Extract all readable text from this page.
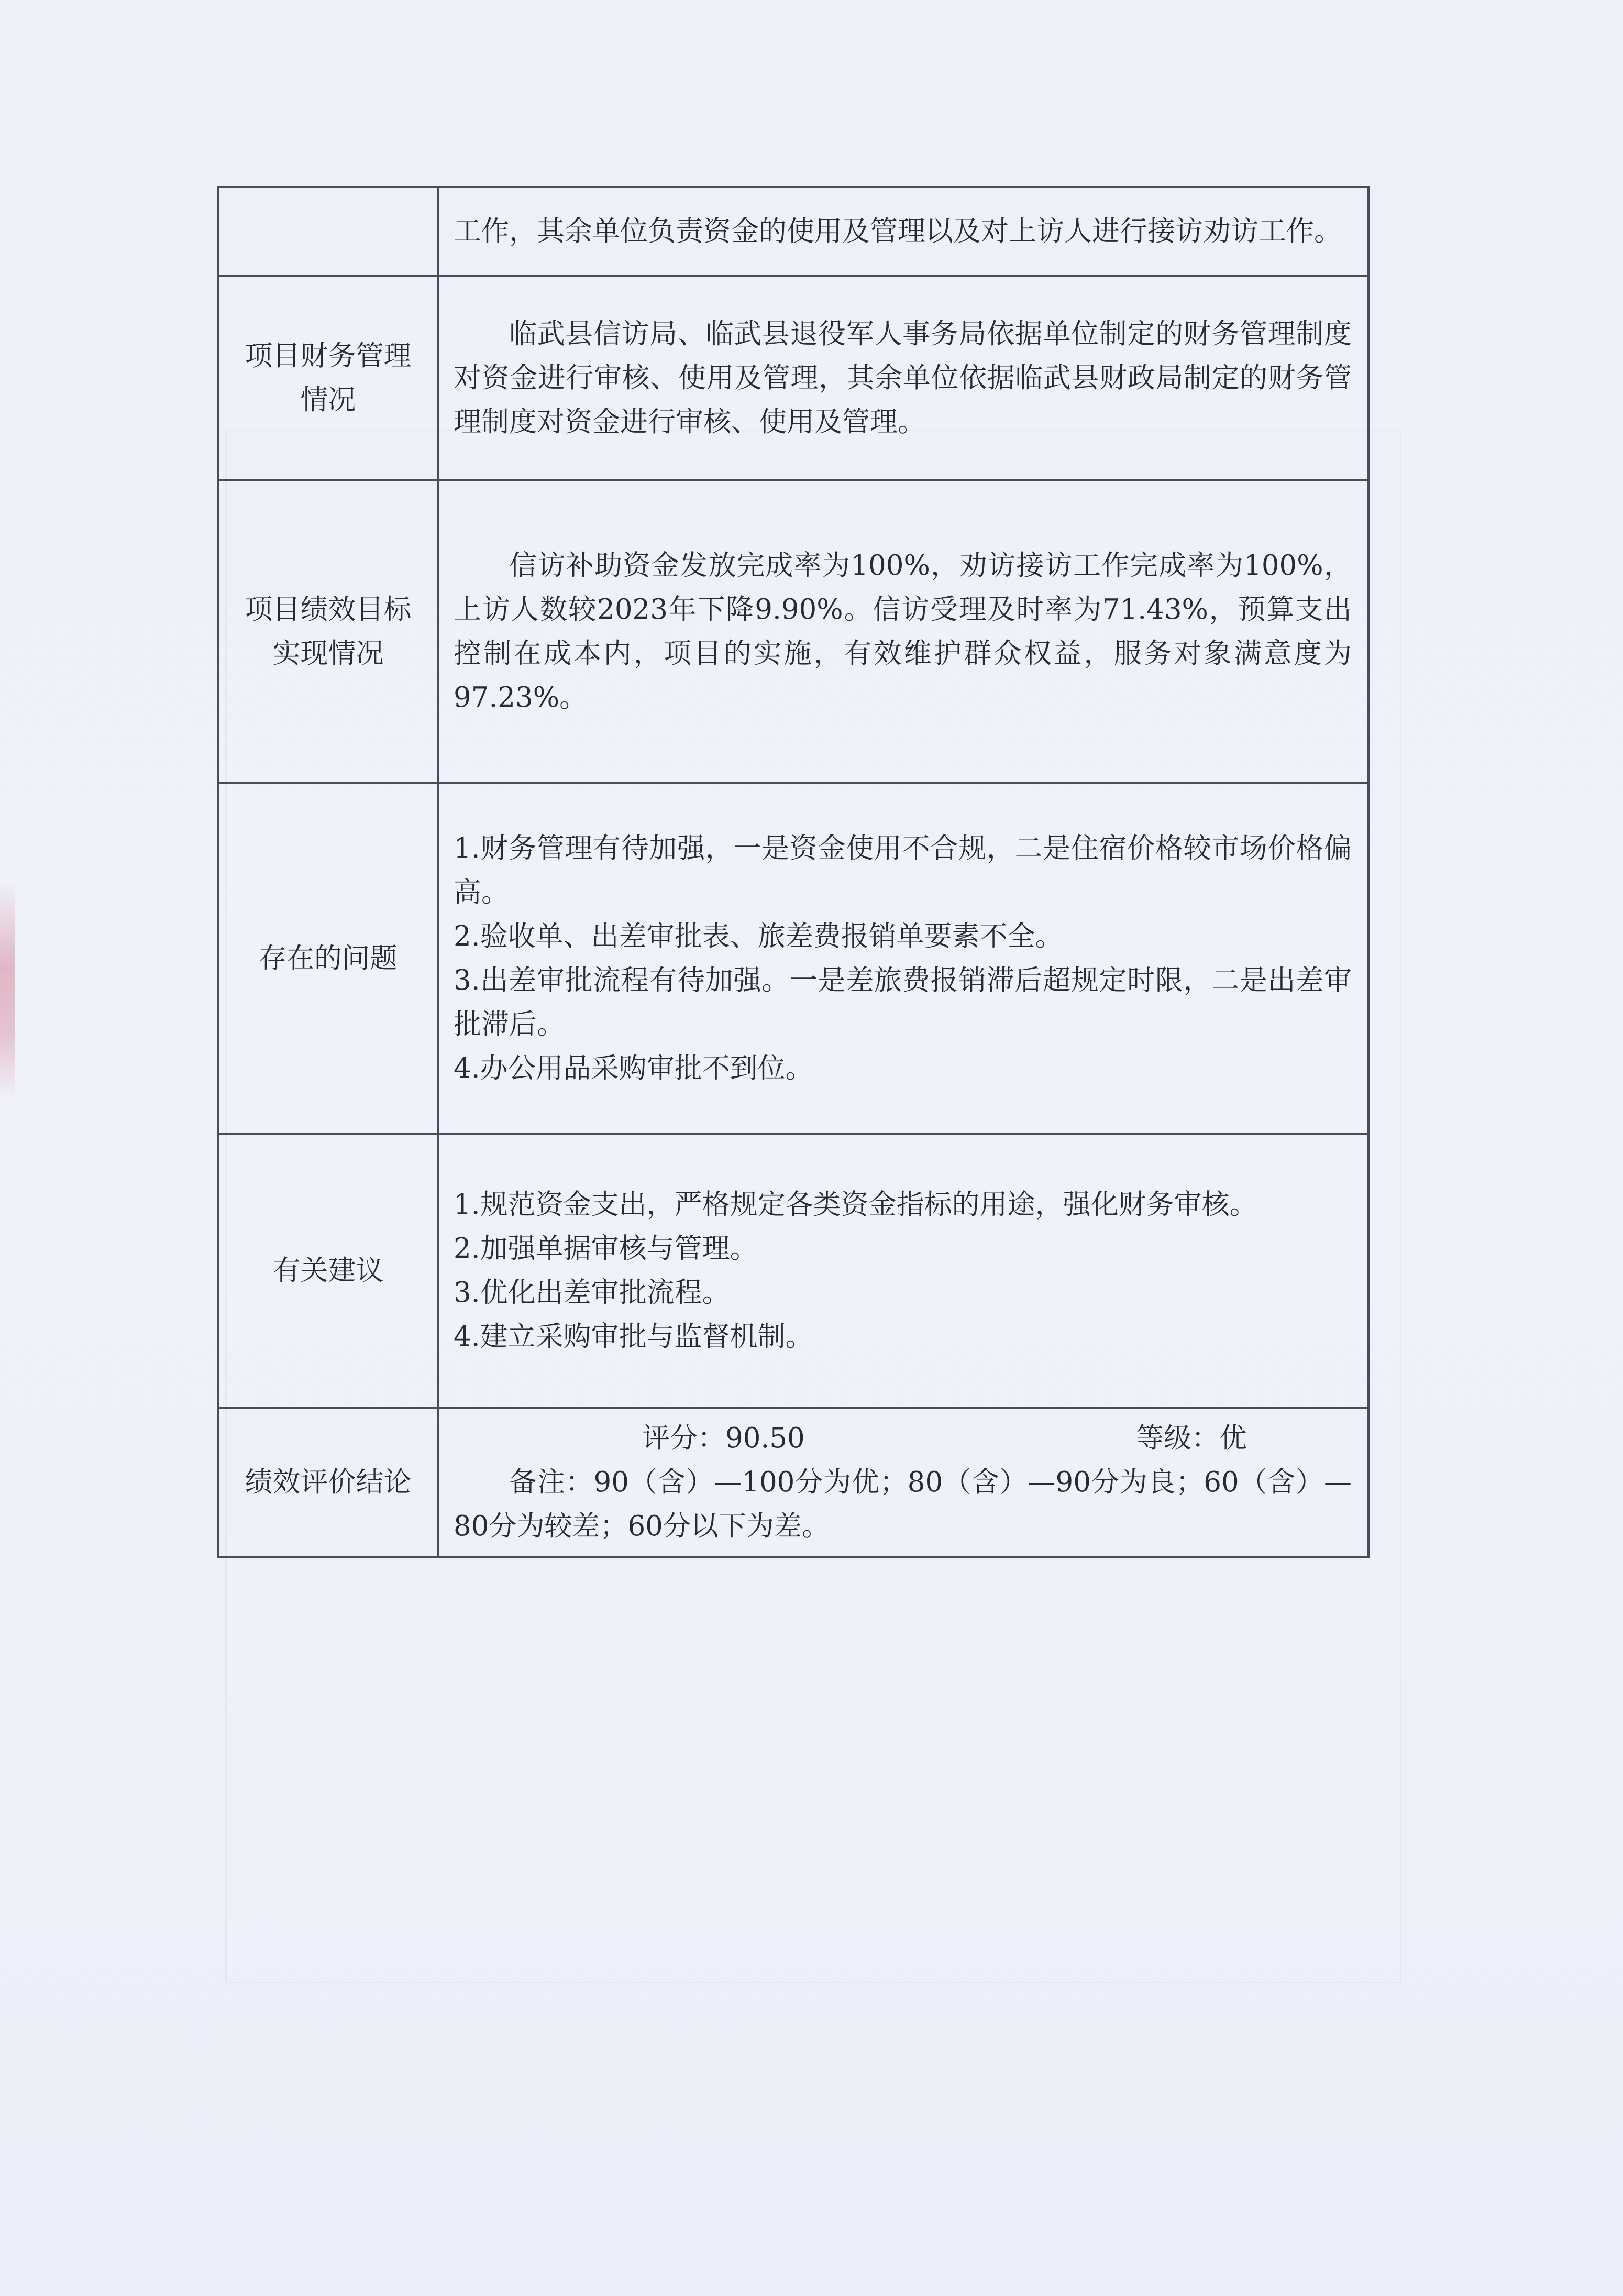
	工作，其余单位负责资金的使用及管理以及对上访人进行接访劝访工作。

项目财务管理
情况	临武县信访局、临武县退役军人事务局依据单位制定的财务管理制度对资金进行审核、使用及管理，其余单位依据临武县财政局制定的财务管理制度对资金进行审核、使用及管理。

项目绩效目标
实现情况	信访补助资金发放完成率为100%，劝访接访工作完成率为100%，上访人数较2023年下降9.90%。信访受理及时率为71.43%，预算支出控制在成本内，项目的实施，有效维护群众权益，服务对象满意度为97.23%。

存在的问题	1.财务管理有待加强，一是资金使用不合规，二是住宿价格较市场价格偏高。
2.验收单、出差审批表、旅差费报销单要素不全。
3.出差审批流程有待加强。一是差旅费报销滞后超规定时限，二是出差审批滞后。
4.办公用品采购审批不到位。

有关建议	1.规范资金支出，严格规定各类资金指标的用途，强化财务审核。
2.加强单据审核与管理。
3.优化出差审批流程。
4.建立采购审批与监督机制。

绩效评价结论	评分：90.50 等级：优
备注：90（含）—100分为优；80（含）—90分为良；60（含）—80分为较差；60分以下为差。
